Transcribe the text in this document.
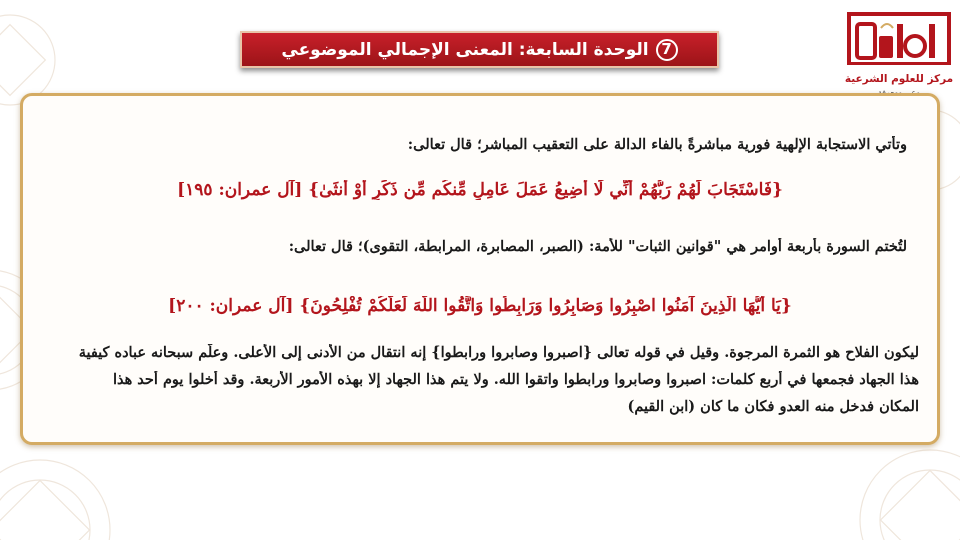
7
الوحدة السابعة: المعنى الإجمالي الموضوعي
مركز للعلوم الشرعية
وتأتي الاستجابة الإلهية فورية مباشرةً بالفاء الدالة على التعقيب المباشر؛ قال تعالى:
{فَاسْتَجَابَ لَهُمْ رَبُّهُمْ أَنِّي لَا أُضِيعُ عَمَلَ عَامِلٍ مِّنكُم مِّن ذَكَرٍ أَوْ أُنثَىٰ} [آل عمران: ١٩٥]
لتُختم السورة بأربعة أوامر هي "قوانين الثبات" للأمة: (الصبر، المصابرة، المرابطة، التقوى)؛ قال تعالى:
{يَا أَيُّهَا الَّذِينَ آمَنُوا اصْبِرُوا وَصَابِرُوا وَرَابِطُوا وَاتَّقُوا اللَّهَ لَعَلَّكُمْ تُفْلِحُونَ} [آل عمران: ٢٠٠]
ليكون الفلاح هو الثمرة المرجوة. وقيل في قوله تعالى {اصبروا وصابروا ورابطوا} إنه انتقال من الأدنى إلى الأعلى. وعلّم سبحانه عباده كيفية
هذا الجهاد فجمعها في أربع كلمات: اصبروا وصابروا ورابطوا واتقوا الله. ولا يتم هذا الجهاد إلا بهذه الأمور الأربعة. وقد أخلوا يوم أحد هذا
المكان فدخل منه العدو فكان ما كان (ابن القيم)
